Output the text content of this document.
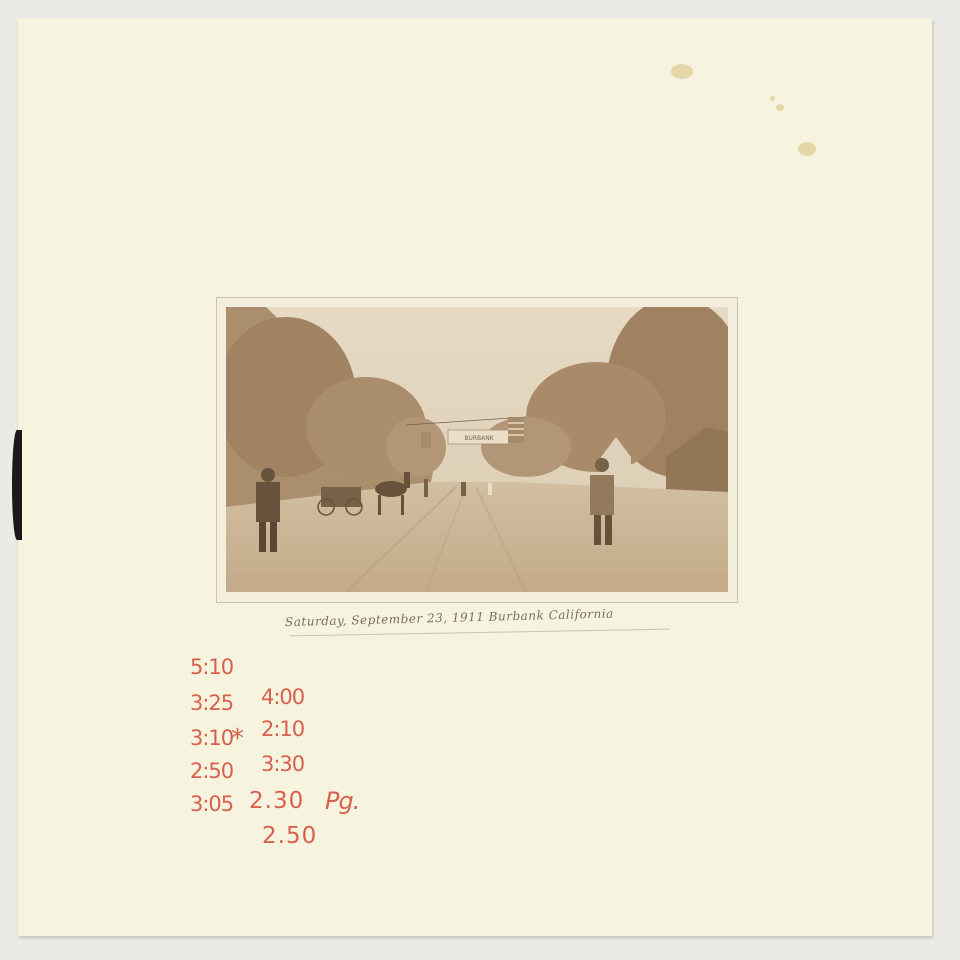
BURBANK
Saturday, September 23, 1911 Burbank California
5:10
3:25
3:10
2:50
3:05
*
4:00
2:10
3:30
2.30 Pg.
2.50
